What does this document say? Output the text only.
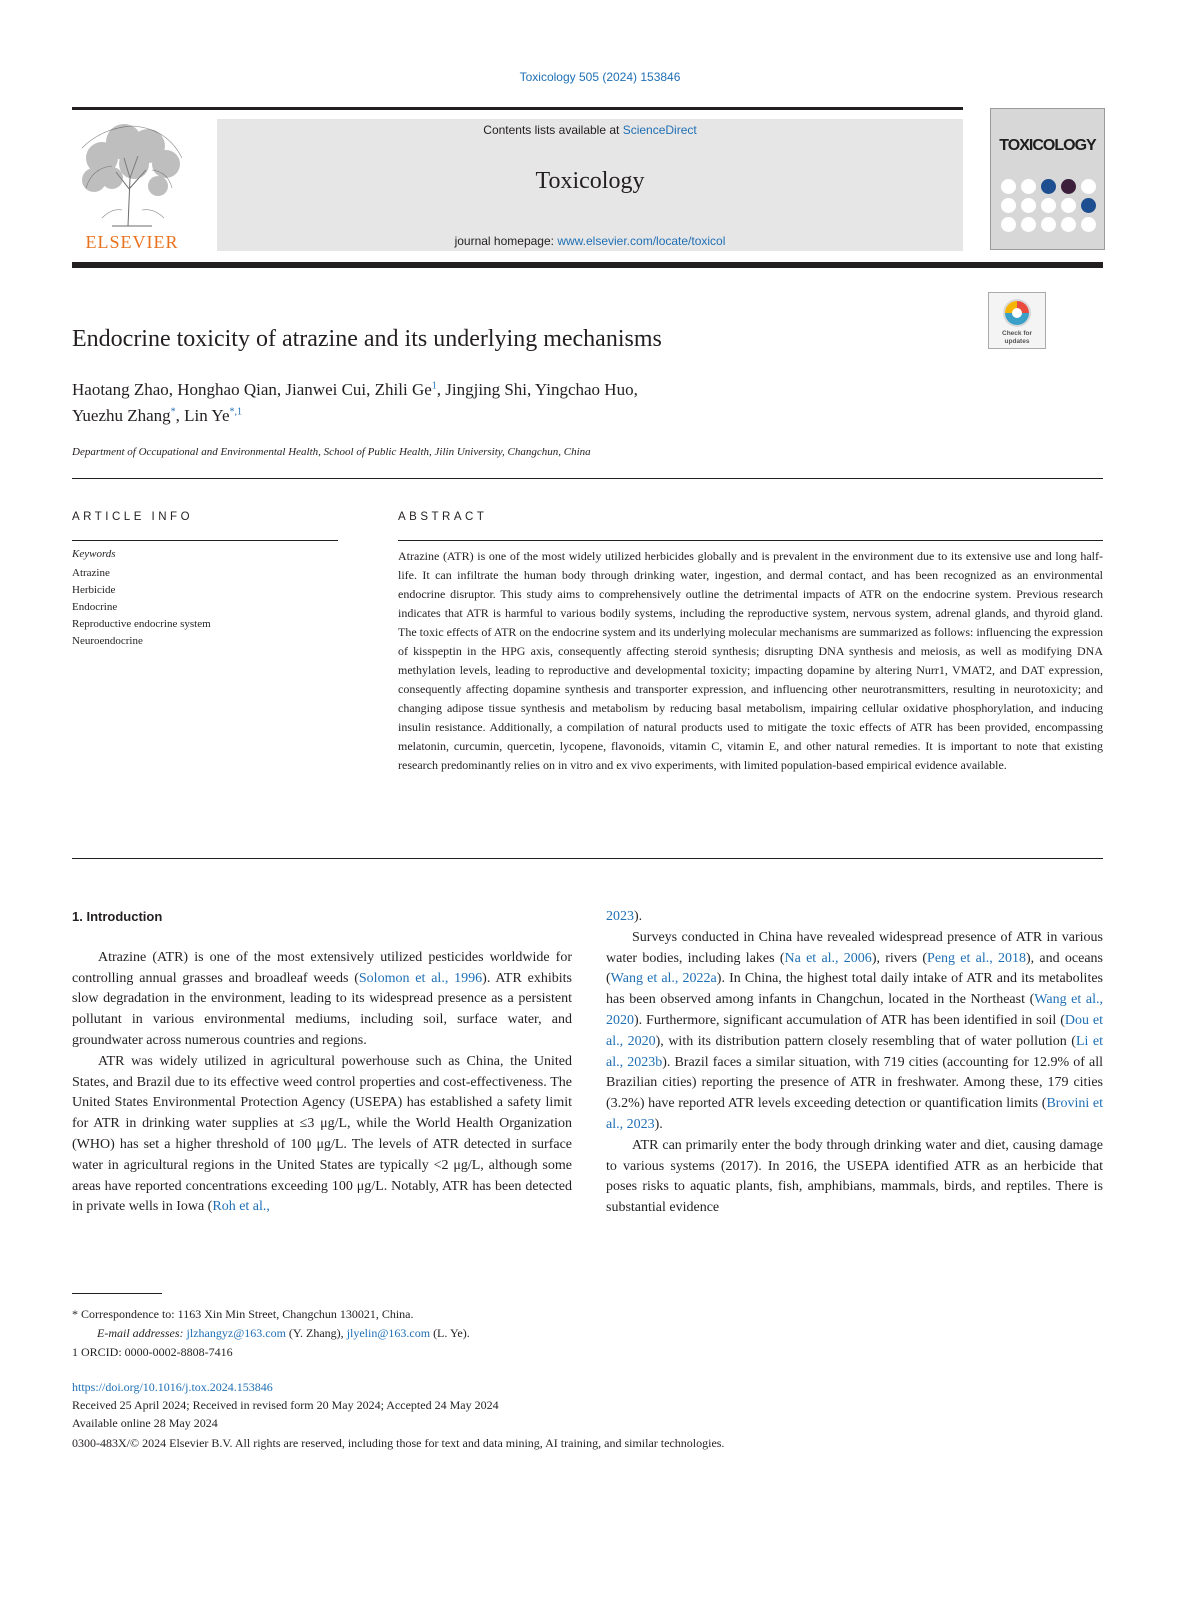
Toxicology 505 (2024) 153846
ELSEVIER
Contents lists available at ScienceDirect
Toxicology
journal homepage: www.elsevier.com/locate/toxicol
TOXICOLOGY
Endocrine toxicity of atrazine and its underlying mechanisms	Check for updates
Haotang Zhao, Honghao Qian, Jianwei Cui, Zhili Ge$^1$, Jingjing Shi, Yingchao Huo,
Yuezhu Zhang*, Lin $Ye^{*,1}$
Department of Occupational and Environmental Health, School of Public Health, Jilin University, Changchun, China
ARTICLE INFO	ABSTRACT
Keywords
Atrazine
Herbicide
Endocrine
Reproductive endocrine system
Neuroendocrine
Atrazine (ATR) is one of the most widely utilized herbicides globally and is prevalent in the environment due to its extensive use and long half-life. It can infiltrate the human body through drinking water, ingestion, and dermal contact, and has been recognized as an environmental endocrine disruptor. This study aims to comprehensively outline the detrimental impacts of ATR on the endocrine system. Previous research indicates that ATR is harmful to various bodily systems, including the reproductive system, nervous system, adrenal glands, and thyroid gland. The toxic effects of ATR on the endocrine system and its underlying molecular mechanisms are summarized as follows: influencing the expression of kisspeptin in the HPG axis, consequently affecting steroid synthesis; disrupting DNA synthesis and meiosis, as well as modifying DNA methylation levels, leading to reproductive and developmental toxicity; impacting dopamine by altering Nurr1, VMAT2, and DAT expression, consequently affecting dopamine synthesis and transporter expression, and influencing other neurotransmitters, resulting in neurotoxicity; and changing adipose tissue synthesis and metabolism by reducing basal metabolism, impairing cellular oxidative phosphorylation, and inducing insulin resistance. Additionally, a compilation of natural products used to mitigate the toxic effects of ATR has been provided, encompassing melatonin, curcumin, quercetin, lycopene, flavonoids, vitamin C, vitamin E, and other natural remedies. It is important to note that existing research predominantly relies on in vitro and ex vivo experiments, with limited population-based empirical evidence available.
1. Introduction

Atrazine (ATR) is one of the most extensively utilized pesticides worldwide for controlling annual grasses and broadleaf weeds (Solomon et al., 1996). ATR exhibits slow degradation in the environment, leading to its widespread presence as a persistent pollutant in various environmental mediums, including soil, surface water, and groundwater across numerous countries and regions.

ATR was widely utilized in agricultural powerhouse such as China, the United States, and Brazil due to its effective weed control properties and cost-effectiveness. The United States Environmental Protection Agency (USEPA) has established a safety limit for ATR in drinking water supplies at ≤3 μg/L, while the World Health Organization (WHO) has set a higher threshold of 100 μg/L. The levels of ATR detected in surface water in agricultural regions in the United States are typically <2 μg/L, although some areas have reported concentrations exceeding 100 μg/L. Notably, ATR has been detected in private wells in Iowa (Roh et al.,

2023).

Surveys conducted in China have revealed widespread presence of ATR in various water bodies, including lakes (Na et al., 2006), rivers (Peng et al., 2018), and oceans (Wang et al., 2022a). In China, the highest total daily intake of ATR and its metabolites has been observed among infants in Changchun, located in the Northeast (Wang et al., 2020). Furthermore, significant accumulation of ATR has been identified in soil (Dou et al., 2020), with its distribution pattern closely resembling that of water pollution (Li et al., 2023b). Brazil faces a similar situation, with 719 cities (accounting for 12.9% of all Brazilian cities) reporting the presence of ATR in freshwater. Among these, 179 cities (3.2%) have reported ATR levels exceeding detection or quantification limits (Brovini et al., 2023).

ATR can primarily enter the body through drinking water and diet, causing damage to various systems (2017). In 2016, the USEPA identified ATR as an herbicide that poses risks to aquatic plants, fish, amphibians, mammals, birds, and reptiles. There is substantial evidence

* Correspondence to: 1163 Xin Min Street, Changchun 130021, China.
E-mail addresses: jlzhangyz@163.com (Y. Zhang), jlyelin@163.com (L. Ye).
1 ORCID: 0000-0002-8808-7416
https://doi.org/10.1016/j.tox.2024.153846
Received 25 April 2024; Received in revised form 20 May 2024; Accepted 24 May 2024
Available online 28 May 2024
0300-483X/© 2024 Elsevier B.V. All rights are reserved, including those for text and data mining, AI training, and similar technologies.
